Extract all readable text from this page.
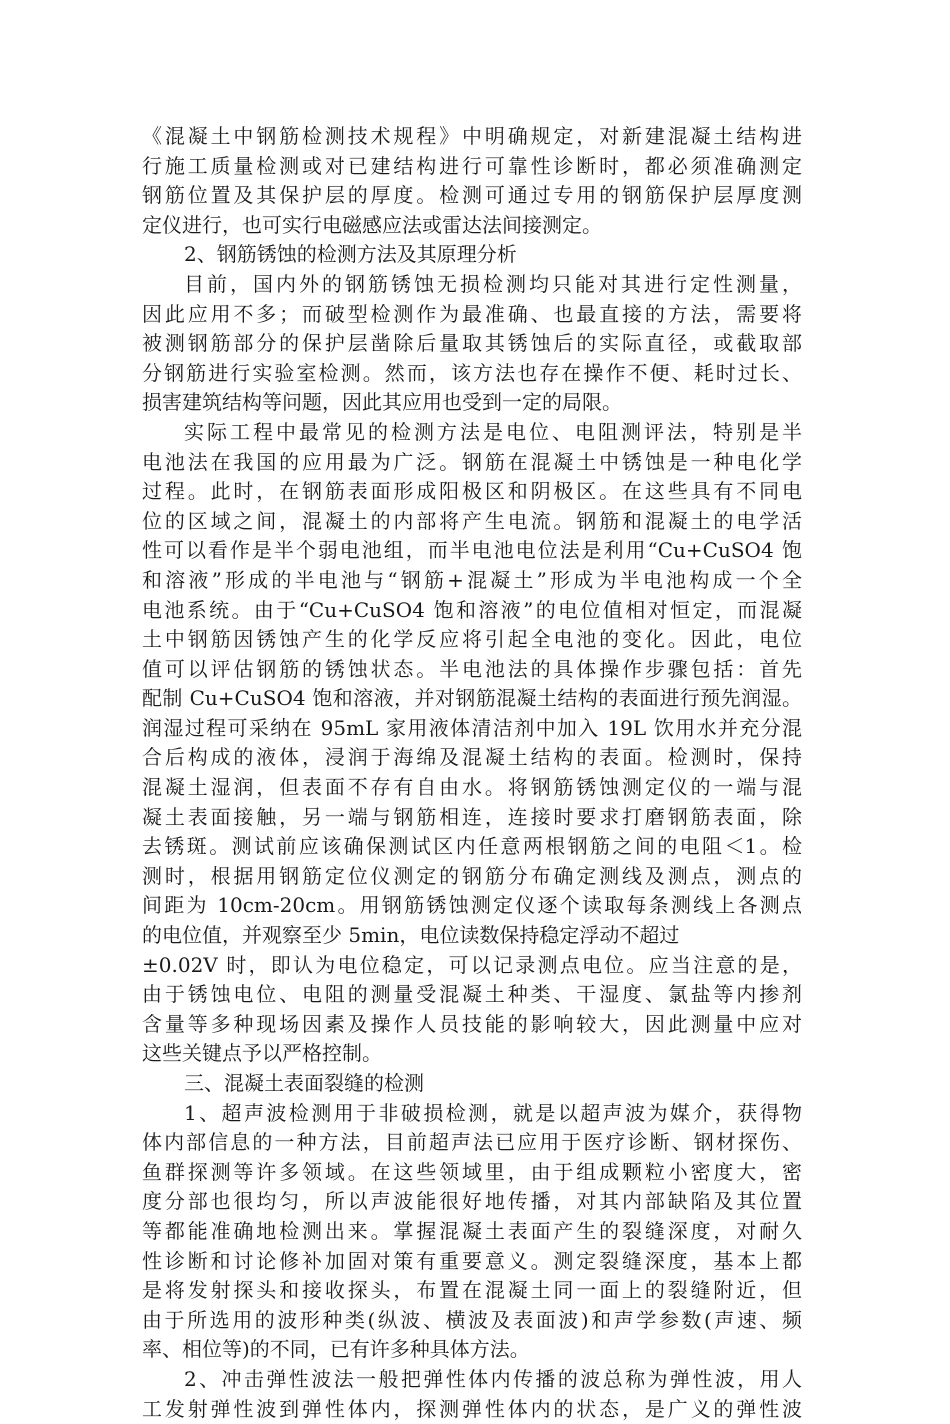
《混凝土中钢筋检测技术规程》中明确规定，对新建混凝土结构进
行施工质量检测或对已建结构进行可靠性诊断时，都必须准确测定
钢筋位置及其保护层的厚度。检测可通过专用的钢筋保护层厚度测
定仪进行，也可实行电磁感应法或雷达法间接测定。
2、钢筋锈蚀的检测方法及其原理分析
目前，国内外的钢筋锈蚀无损检测均只能对其进行定性测量，
因此应用不多；而破型检测作为最准确、也最直接的方法，需要将
被测钢筋部分的保护层凿除后量取其锈蚀后的实际直径，或截取部
分钢筋进行实验室检测。然而，该方法也存在操作不便、耗时过长、
损害建筑结构等问题，因此其应用也受到一定的局限。
实际工程中最常见的检测方法是电位、电阻测评法，特别是半
电池法在我国的应用最为广泛。钢筋在混凝土中锈蚀是一种电化学
过程。此时，在钢筋表面形成阳极区和阴极区。在这些具有不同电
位的区域之间，混凝土的内部将产生电流。钢筋和混凝土的电学活
性可以看作是半个弱电池组，而半电池电位法是利用“Cu+CuSO4 饱
和溶液”形成的半电池与“钢筋+混凝土”形成为半电池构成一个全
电池系统。由于“Cu+CuSO4 饱和溶液”的电位值相对恒定，而混凝
土中钢筋因锈蚀产生的化学反应将引起全电池的变化。因此，电位
值可以评估钢筋的锈蚀状态。半电池法的具体操作步骤包括：首先
配制 Cu+CuSO4 饱和溶液，并对钢筋混凝土结构的表面进行预先润湿。
润湿过程可采纳在 95mL 家用液体清洁剂中加入 19L 饮用水并充分混
合后构成的液体，浸润于海绵及混凝土结构的表面。检测时，保持
混凝土湿润，但表面不存有自由水。将钢筋锈蚀测定仪的一端与混
凝土表面接触，另一端与钢筋相连，连接时要求打磨钢筋表面，除
去锈斑。测试前应该确保测试区内任意两根钢筋之间的电阻＜1。检
测时，根据用钢筋定位仪测定的钢筋分布确定测线及测点，测点的
间距为 10cm-20cm。用钢筋锈蚀测定仪逐个读取每条测线上各测点
的电位值，并观察至少 5min，电位读数保持稳定浮动不超过
±0.02V 时，即认为电位稳定，可以记录测点电位。应当注意的是，
由于锈蚀电位、电阻的测量受混凝土种类、干湿度、氯盐等内掺剂
含量等多种现场因素及操作人员技能的影响较大，因此测量中应对
这些关键点予以严格控制。
三、混凝土表面裂缝的检测
1、超声波检测用于非破损检测，就是以超声波为媒介，获得物
体内部信息的一种方法，目前超声法已应用于医疗诊断、钢材探伤、
鱼群探测等许多领域。在这些领域里，由于组成颗粒小密度大，密
度分部也很均匀，所以声波能很好地传播，对其内部缺陷及其位置
等都能准确地检测出来。掌握混凝土表面产生的裂缝深度，对耐久
性诊断和讨论修补加固对策有重要意义。测定裂缝深度，基本上都
是将发射探头和接收探头，布置在混凝土同一面上的裂缝附近，但
由于所选用的波形种类(纵波、横波及表面波)和声学参数(声速、频
率、相位等)的不同，已有许多种具体方法。
2、冲击弹性波法一般把弹性体内传播的波总称为弹性波，用人
工发射弹性波到弹性体内，探测弹性体内的状态，是广义的弹性波
